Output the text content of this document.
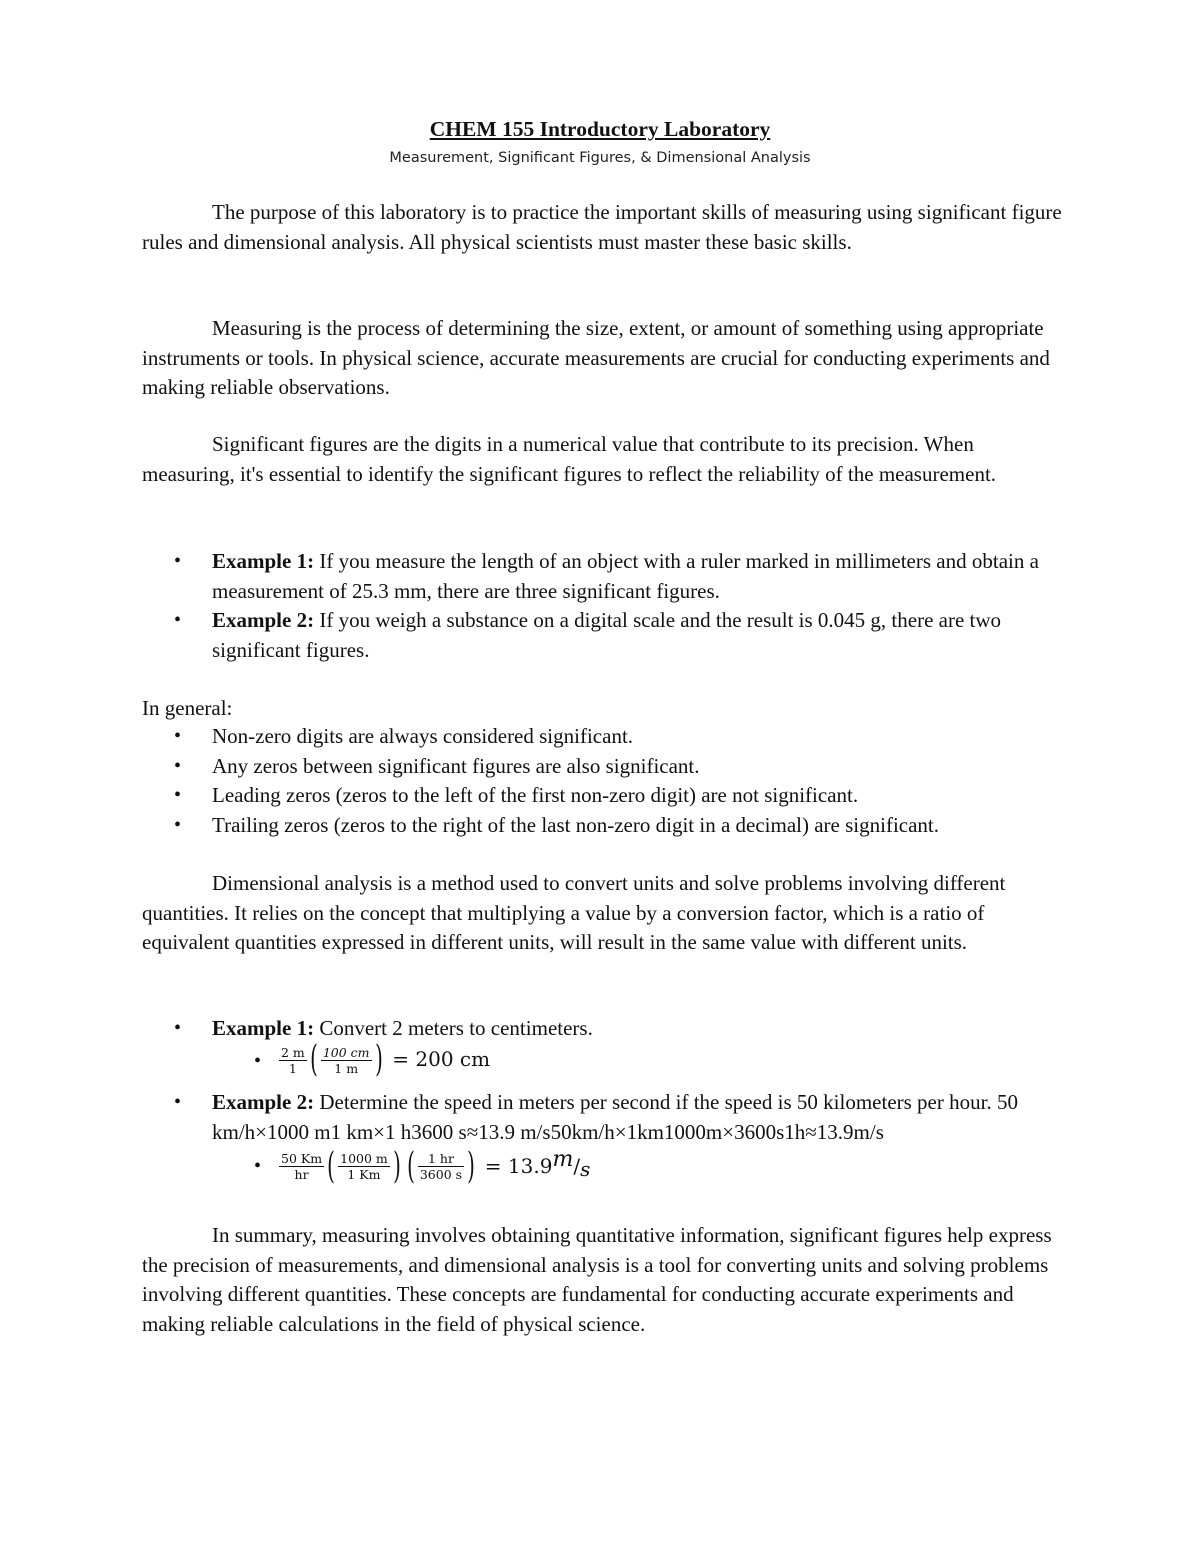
CHEM 155 Introductory Laboratory
Measurement, Significant Figures, & Dimensional Analysis

The purpose of this laboratory is to practice the important skills of measuring using significant figure rules and dimensional analysis. All physical scientists must master these basic skills.

Measuring is the process of determining the size, extent, or amount of something using appropriate instruments or tools. In physical science, accurate measurements are crucial for conducting experiments and making reliable observations.

Significant figures are the digits in a numerical value that contribute to its precision. When measuring, it's essential to identify the significant figures to reflect the reliability of the measurement.

• Example 1: If you measure the length of an object with a ruler marked in millimeters and obtain a measurement of 25.3 mm, there are three significant figures.
• Example 2: If you weigh a substance on a digital scale and the result is 0.045 g, there are two significant figures.

In general:

• Non-zero digits are always considered significant.
• Any zeros between significant figures are also significant.
• Leading zeros (zeros to the left of the first non-zero digit) are not significant.
• Trailing zeros (zeros to the right of the last non-zero digit in a decimal) are significant.

Dimensional analysis is a method used to convert units and solve problems involving different quantities. It relies on the concept that multiplying a value by a conversion factor, which is a ratio of equivalent quantities expressed in different units, will result in the same value with different units.

• Example 1: Convert 2 meters to centimeters.
• $\frac{2 m}{1}$ ( $\frac{100 cm}{1 m}$ ) = 200 cm
• Example 2: Determine the speed in meters per second if the speed is 50 kilometers per hour. 50 km/h×1000 m1 km×1 h3600 s≈13.9 m/s50km/h×1km1000m×3600s1h≈13.9m/s
• $\frac{50 Km}{hr}$ ( $\frac{1000 m}{1 Km}$ ) ( $\frac{1 hr}{3600 s}$ ) = 13.9m/s

In summary, measuring involves obtaining quantitative information, significant figures help express the precision of measurements, and dimensional analysis is a tool for converting units and solving problems involving different quantities. These concepts are fundamental for conducting accurate experiments and making reliable calculations in the field of physical science.
